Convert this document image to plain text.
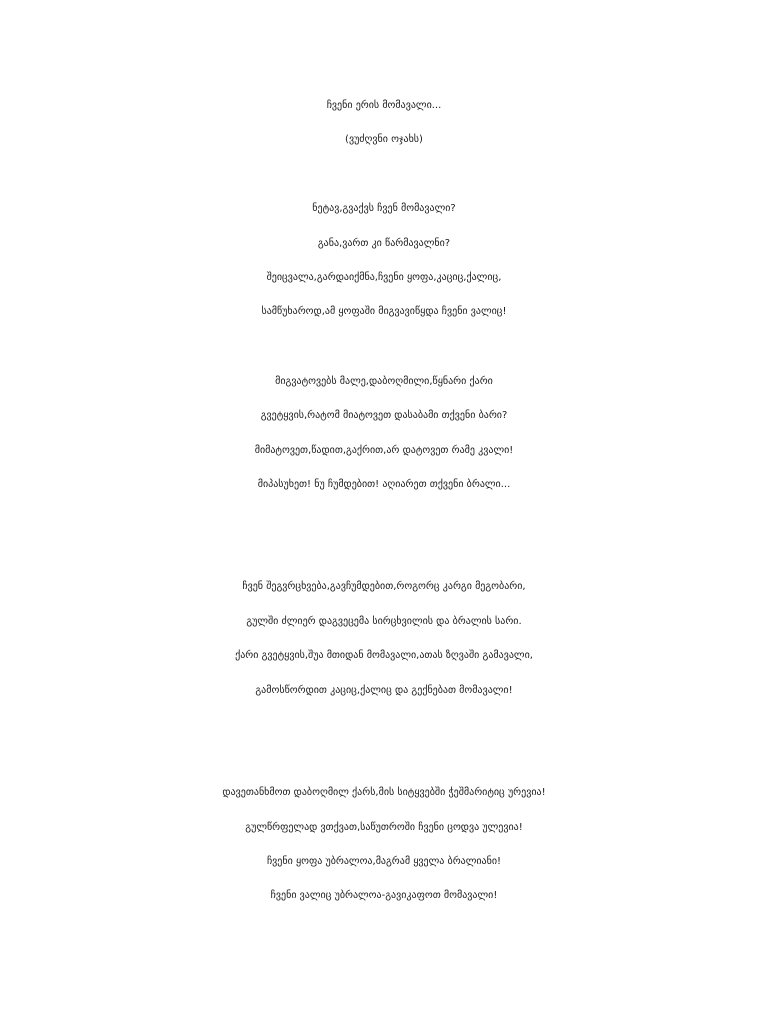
ჩვენი ერის მომავალი...
(ვუძღვნი ოჯახს)
ნეტავ,გვაქვს ჩვენ მომავალი?
განა,ვართ კი წარმავალნი?
შეიცვალა,გარდაიქმნა,ჩვენი ყოფა,კაციც,ქალიც,
სამწუხაროდ,ამ ყოფაში მიგვავიწყდა ჩვენი ვალიც!
მიგვატოვებს მალე,დაბოღმილი,წყნარი ქარი
გვეტყვის,რატომ მიატოვეთ დასაბამი თქვენი ბარი?
მიმატოვეთ,წადით,გაქრით,არ დატოვეთ რამე კვალი!
მიპასუხეთ! ნუ ჩუმდებით! აღიარეთ თქვენი ბრალი...
ჩვენ შეგვრცხვება,გავჩუმდებით,როგორც კარგი მეგობარი,
გულში ძლიერ დაგვეცემა სირცხვილის და ბრალის სარი.
ქარი გვეტყვის,შუა მთიდან მომავალი,ათას ზღვაში გამავალი,
გამოსწორდით კაციც,ქალიც და გექნებათ მომავალი!
დავეთანხმოთ დაბოღმილ ქარს,მის სიტყვებში ჭეშმარიტიც ურევია!
გულწრფელად ვთქვათ,საწუთროში ჩვენი ცოდვა ულევია!
ჩვენი ყოფა უბრალოა,მაგრამ ყველა ბრალიანი!
ჩვენი ვალიც უბრალოა-გავიკაფოთ მომავალი!
